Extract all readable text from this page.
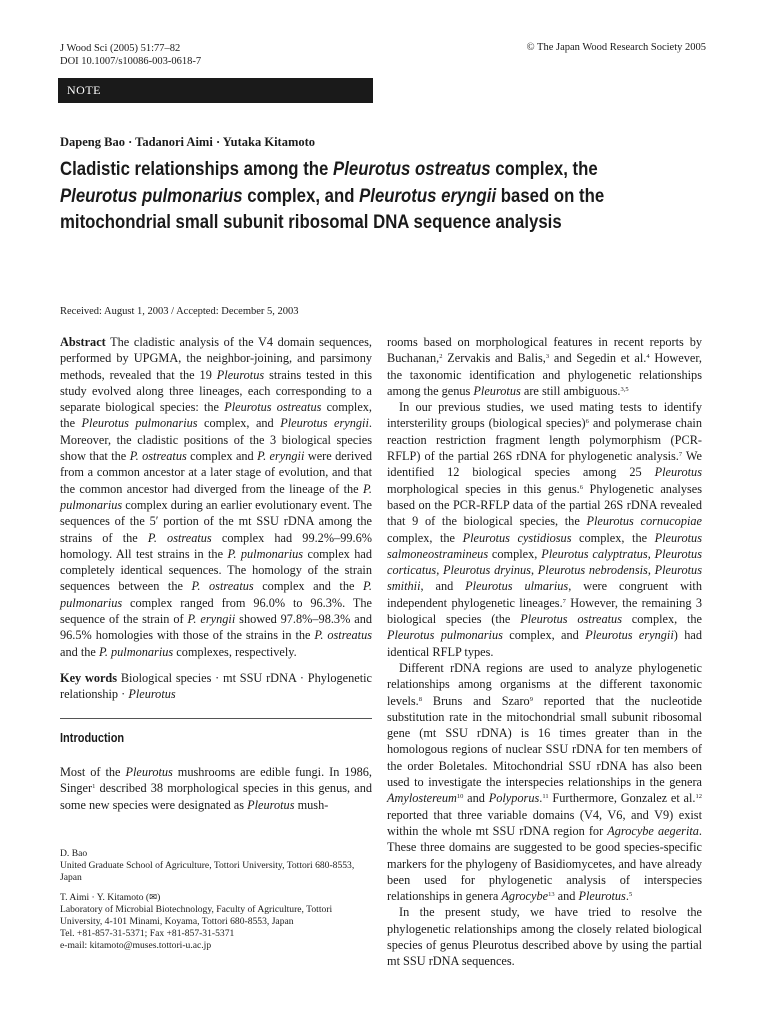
J Wood Sci (2005) 51:77–82
DOI 10.1007/s10086-003-0618-7
© The Japan Wood Research Society 2005
NOTE
Dapeng Bao · Tadanori Aimi · Yutaka Kitamoto
Cladistic relationships among the Pleurotus ostreatus complex, the
Pleurotus pulmonarius complex, and Pleurotus eryngii based on the mitochondrial small subunit ribosomal DNA sequence analysis
Received: August 1, 2003 / Accepted: December 5, 2003

Abstract The cladistic analysis of the V4 domain sequences, performed by UPGMA, the neighbor-joining, and parsimony methods, revealed that the 19 Pleurotus strains tested in this study evolved along three lineages, each corresponding to a separate biological species: the Pleurotus ostreatus complex, the Pleurotus pulmonarius complex, and Pleurotus eryngii. Moreover, the cladistic positions of the 3 biological species show that the P. ostreatus complex and P. eryngii were derived from a common ancestor at a later stage of evolution, and that the common ancestor had diverged from the lineage of the P. pulmonarius complex during an earlier evolutionary event. The sequences of the 5′ portion of the mt SSU rDNA among the strains of the P. ostreatus complex had 99.2%–99.6% homology. All test strains in the P. pulmonarius complex had completely identical sequences. The homology of the strain sequences between the P. ostreatus complex and the P. pulmonarius complex ranged from 96.0% to 96.3%. The sequence of the strain of P. eryngii showed 97.8%–98.3% and 96.5% homologies with those of the strains in the P. ostreatus and the P. pulmonarius complexes, respectively.

Key words Biological species · mt SSU rDNA · Phylogenetic relationship · Pleurotus

Introduction

Most of the Pleurotus mushrooms are edible fungi. In 1986, Singer$^1$ described 38 morphological species in this genus, and some new species were designated as Pleurotus mush-

D. Bao
United Graduate School of Agriculture, Tottori University, Tottori 680-8553, Japan

T. Aimi · Y. Kitamoto (✉)
Laboratory of Microbial Biotechnology, Faculty of Agriculture, Tottori University, 4-101 Minami, Koyama, Tottori 680-8553, Japan
Tel. +81-857-31-5371; Fax +81-857-31-5371
e-mail: kitamoto@muses.tottori-u.ac.jp

rooms based on morphological features in recent reports by Buchanan,$^2$ Zervakis and Balis,$^3$ and Segedin et al.$^4$ However, the taxonomic identification and phylogenetic relationships among the genus Pleurotus are still ambiguous.$^{3,5}$

In our previous studies, we used mating tests to identify intersterility groups (biological species)$^6$ and polymerase chain reaction restriction fragment length polymorphism (PCR-RFLP) of the partial 26S rDNA for phylogenetic analysis.$^7$ We identified 12 biological species among 25 Pleurotus morphological species in this genus.$^6$ Phylogenetic analyses based on the PCR-RFLP data of the partial 26S rDNA revealed that 9 of the biological species, the Pleurotus cornucopiae complex, the Pleurotus cystidiosus complex, the Pleurotus salmoneostramineus complex, Pleurotus calyptratus, Pleurotus corticatus, Pleurotus dryinus, Pleurotus nebrodensis, Pleurotus smithii, and Pleurotus ulmarius, were congruent with independent phylogenetic lineages.$^7$ However, the remaining 3 biological species (the Pleurotus ostreatus complex, the Pleurotus pulmonarius complex, and Pleurotus eryngii) had identical RFLP types.

Different rDNA regions are used to analyze phylogenetic relationships among organisms at the different taxonomic levels.$^8$ Bruns and Szaro$^9$ reported that the nucleotide substitution rate in the mitochondrial small subunit ribosomal gene (mt SSU rDNA) is 16 times greater than in the homologous regions of nuclear SSU rDNA for ten members of the order Boletales. Mitochondrial SSU rDNA has also been used to investigate the interspecies relationships in the genera Amylostereum$^{10}$ and Polyporus.$^{11}$ Furthermore, Gonzalez et al.$^{12}$ reported that three variable domains (V4, V6, and V9) exist within the whole mt SSU rDNA region for Agrocybe aegerita. These three domains are suggested to be good species-specific markers for the phylogeny of Basidiomycetes, and have already been used for phylogenetic analysis of interspecies relationships in genera Agrocybe$^{13}$ and Pleurotus.$^5$

In the present study, we have tried to resolve the phylogenetic relationships among the closely related biological species of genus Pleurotus described above by using the partial mt SSU rDNA sequences.
